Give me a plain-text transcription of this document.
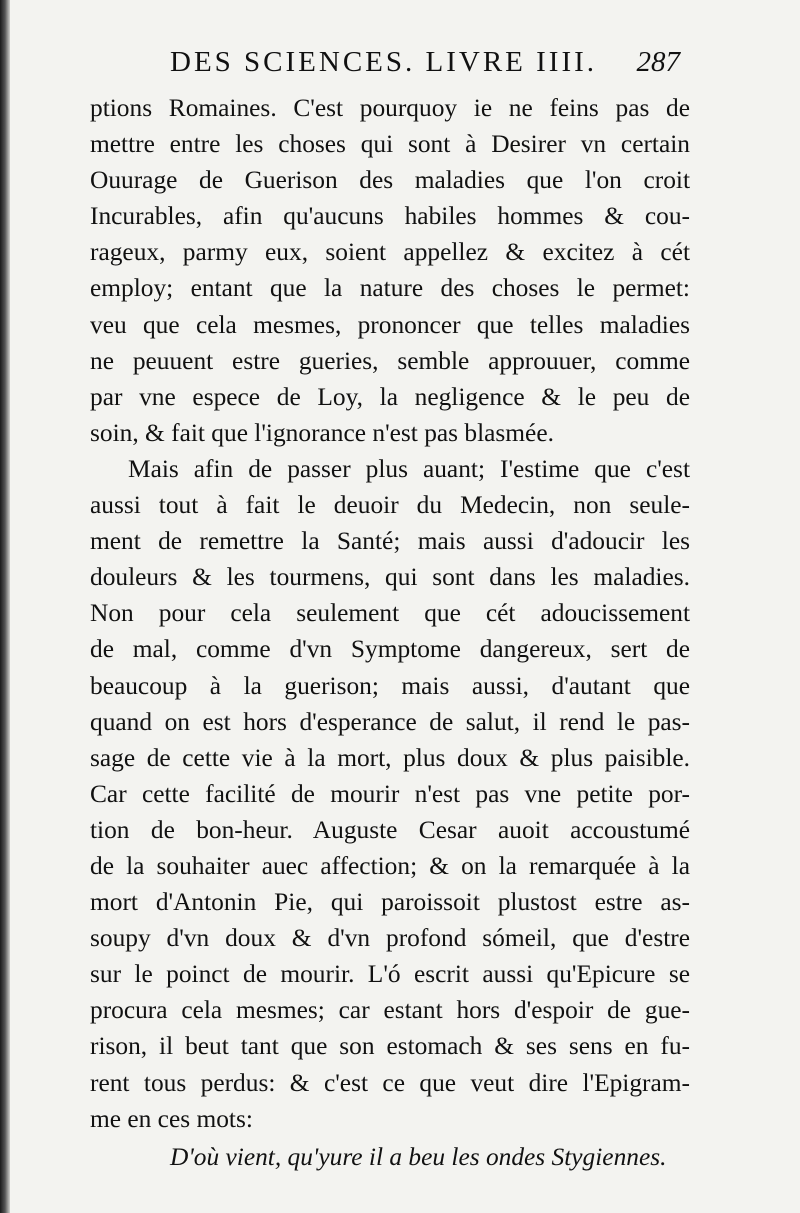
DES SCIENCES. LIVRE IIII. 287
ptions Romaines. C'est pourquoy ie ne feins pas de
mettre entre les choses qui sont à Desirer vn certain
Ouurage de Guerison des maladies que l'on croit
Incurables, afin qu'aucuns habiles hommes & cou-
rageux, parmy eux, soient appellez & excitez à cét
employ; entant que la nature des choses le permet:
veu que cela mesmes, prononcer que telles maladies
ne peuuent estre gueries, semble approuuer, comme
par vne espece de Loy, la negligence & le peu de
soin, & fait que l'ignorance n'est pas blasmée.
Mais afin de passer plus auant; I'estime que c'est
aussi tout à fait le deuoir du Medecin, non seule-
ment de remettre la Santé; mais aussi d'adoucir les
douleurs & les tourmens, qui sont dans les maladies.
Non pour cela seulement que cét adoucissement
de mal, comme d'vn Symptome dangereux, sert de
beaucoup à la guerison; mais aussi, d'autant que
quand on est hors d'esperance de salut, il rend le pas-
sage de cette vie à la mort, plus doux & plus paisible.
Car cette facilité de mourir n'est pas vne petite por-
tion de bon-heur. Auguste Cesar auoit accoustumé
de la souhaiter auec affection; & on la remarquée à la
mort d'Antonin Pie, qui paroissoit plustost estre as-
soupy d'vn doux & d'vn profond sómeil, que d'estre
sur le poinct de mourir. L'ó escrit aussi qu'Epicure se
procura cela mesmes; car estant hors d'espoir de gue-
rison, il beut tant que son estomach & ses sens en fu-
rent tous perdus: & c'est ce que veut dire l'Epigram-
me en ces mots:
D'où vient, qu'yure il a beu les ondes Stygiennes.
